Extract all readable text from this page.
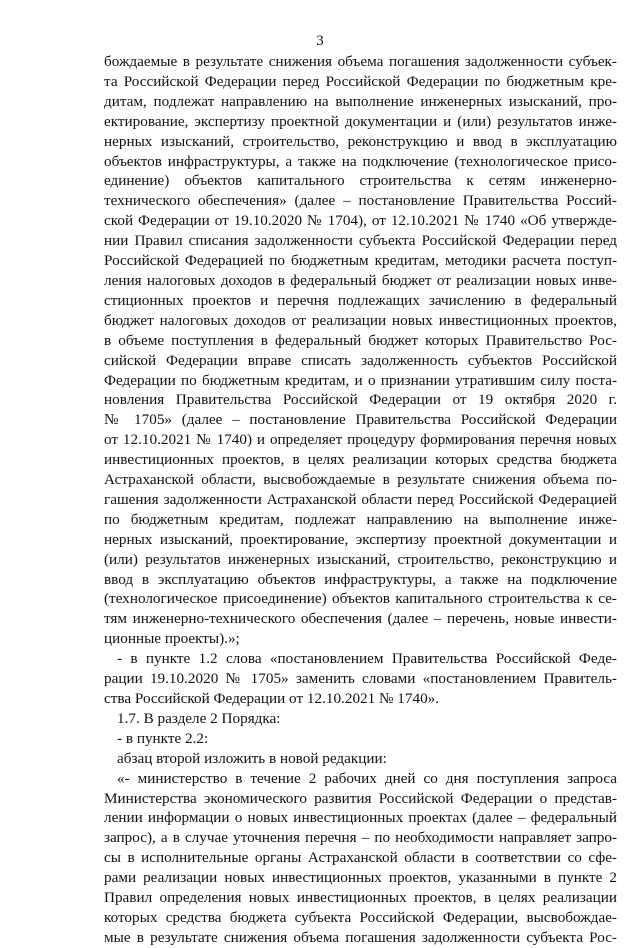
3

бождаемые в результате снижения объема погашения задолженности субъек-

та Российской Федерации перед Российской Федерации по бюджетным кре-

дитам, подлежат направлению на выполнение инженерных изысканий, про-

ектирование, экспертизу проектной документации и (или) результатов инже-

нерных изысканий, строительство, реконструкцию и ввод в эксплуатацию

объектов инфраструктуры, а также на подключение (технологическое присо-

единение) объектов капитального строительства к сетям инженерно-

технического обеспечения» (далее – постановление Правительства Россий-

ской Федерации от 19.10.2020 № 1704), от 12.10.2021 № 1740 «Об утвержде-

нии Правил списания задолженности субъекта Российской Федерации перед

Российской Федерацией по бюджетным кредитам, методики расчета поступ-

ления налоговых доходов в федеральный бюджет от реализации новых инве-

стиционных проектов и перечня подлежащих зачислению в федеральный

бюджет налоговых доходов от реализации новых инвестиционных проектов,

в объеме поступления в федеральный бюджет которых Правительство Рос-

сийской Федерации вправе списать задолженность субъектов Российской

Федерации по бюджетным кредитам, и о признании утратившим силу поста-

новления Правительства Российской Федерации от 19 октября 2020 г.

№ 1705» (далее – постановление Правительства Российской Федерации

от 12.10.2021 № 1740) и определяет процедуру формирования перечня новых

инвестиционных проектов, в целях реализации которых средства бюджета

Астраханской области, высвобождаемые в результате снижения объема по-

гашения задолженности Астраханской области перед Российской Федерацией

по бюджетным кредитам, подлежат направлению на выполнение инже-

нерных изысканий, проектирование, экспертизу проектной документации и

(или) результатов инженерных изысканий, строительство, реконструкцию и

ввод в эксплуатацию объектов инфраструктуры, а также на подключение

(технологическое присоединение) объектов капитального строительства к се-

тям инженерно-технического обеспечения (далее – перечень, новые инвести-

ционные проекты).»;

- в пункте 1.2 слова «постановлением Правительства Российской Феде-

рации 19.10.2020 № 1705» заменить словами «постановлением Правитель-

ства Российской Федерации от 12.10.2021 № 1740».

1.7. В разделе 2 Порядка:

- в пункте 2.2:

абзац второй изложить в новой редакции:

«- министерство в течение 2 рабочих дней со дня поступления запроса

Министерства экономического развития Российской Федерации о представ-

лении информации о новых инвестиционных проектах (далее – федеральный

запрос), а в случае уточнения перечня – по необходимости направляет запро-

сы в исполнительные органы Астраханской области в соответствии со сфе-

рами реализации новых инвестиционных проектов, указанными в пункте 2

Правил определения новых инвестиционных проектов, в целях реализации

которых средства бюджета субъекта Российской Федерации, высвобождае-

мые в результате снижения объема погашения задолженности субъекта Рос-
